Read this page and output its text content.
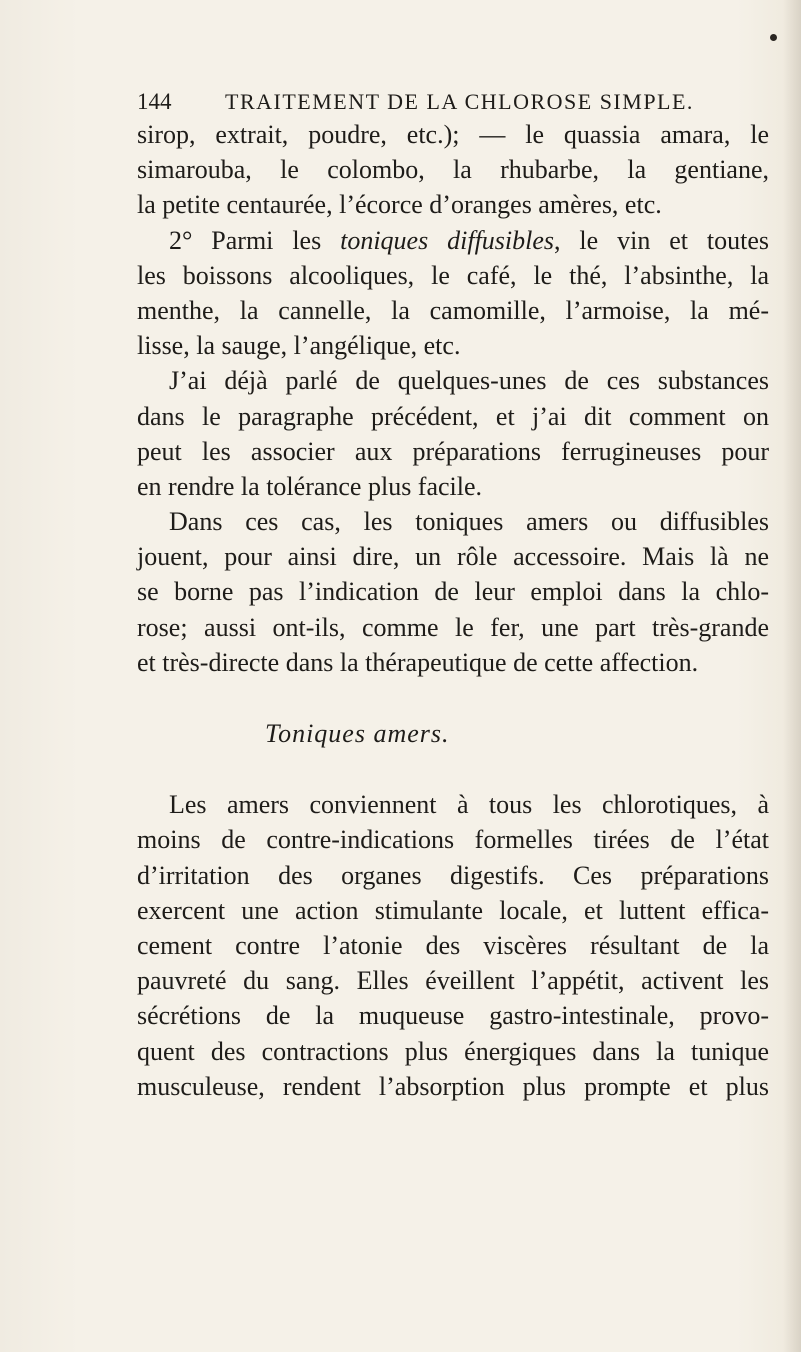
144 TRAITEMENT DE LA CHLOROSE SIMPLE.
sirop, extrait, poudre, etc.); — le quassia amara, le
simarouba, le colombo, la rhubarbe, la gentiane,
la petite centaurée, l’écorce d’oranges amères, etc.
2° Parmi les toniques diffusibles, le vin et toutes
les boissons alcooliques, le café, le thé, l’absinthe, la
menthe, la cannelle, la camomille, l’armoise, la mé-
lisse, la sauge, l’angélique, etc.
J’ai déjà parlé de quelques-unes de ces substances
dans le paragraphe précédent, et j’ai dit comment on
peut les associer aux préparations ferrugineuses pour
en rendre la tolérance plus facile.
Dans ces cas, les toniques amers ou diffusibles
jouent, pour ainsi dire, un rôle accessoire. Mais là ne
se borne pas l’indication de leur emploi dans la chlo-
rose; aussi ont-ils, comme le fer, une part très-grande
et très-directe dans la thérapeutique de cette affection.
Toniques amers.
Les amers conviennent à tous les chlorotiques, à
moins de contre-indications formelles tirées de l’état
d’irritation des organes digestifs. Ces préparations
exercent une action stimulante locale, et luttent effica-
cement contre l’atonie des viscères résultant de la
pauvreté du sang. Elles éveillent l’appétit, activent les
sécrétions de la muqueuse gastro-intestinale, provo-
quent des contractions plus énergiques dans la tunique
musculeuse, rendent l’absorption plus prompte et plus
